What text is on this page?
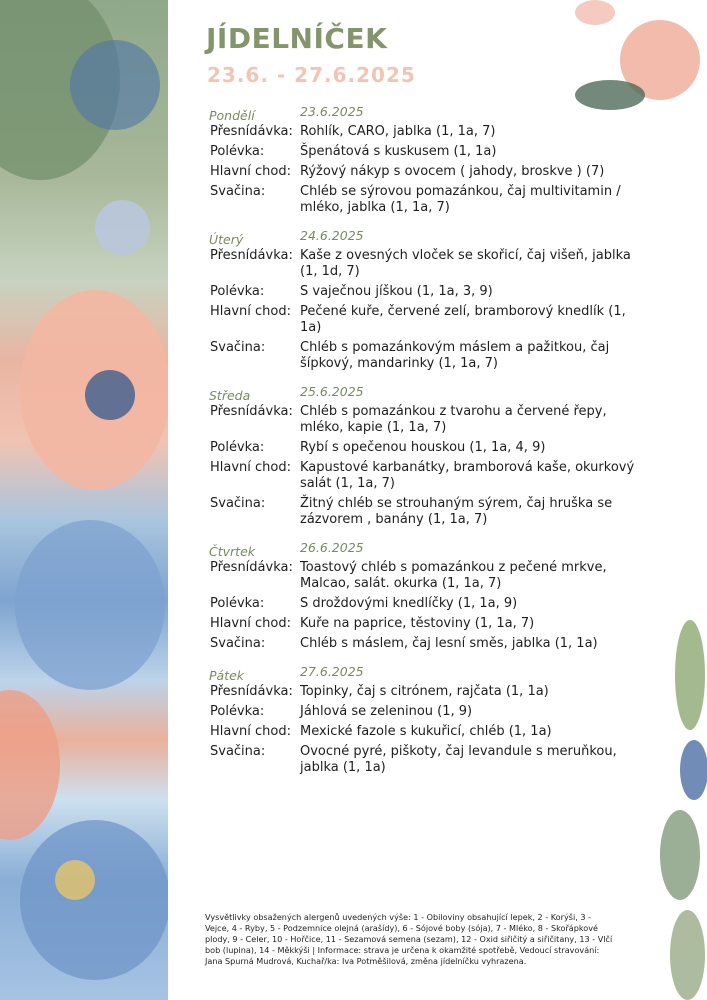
JÍDELNÍČEK
23.6. - 27.6.2025
Pondělí	23.6.2025
Přesnídávka: Rohlík, CARO, jablka (1, 1a, 7)
Polévka:	Špenátová s kuskusem (1, 1a)
Hlavní chod: Rýžový nákyp s ovocem ( jahody, broskve ) (7)
Svačina:	Chléb se sýrovou pomazánkou, čaj multivitamin / mléko, jablka (1, 1a, 7)
Úterý	24.6.2025
Přesnídávka: Kaše z ovesných vloček se skořicí, čaj višeň, jablka (1, 1d, 7)
Polévka:	S vaječnou jíškou (1, 1a, 3, 9)
Hlavní chod: Pečené kuře, červené zelí, bramborový knedlík (1, 1a)
Svačina:	Chléb s pomazánkovým máslem a pažitkou, čaj šípkový, mandarinky (1, 1a, 7)
Středa	25.6.2025
Přesnídávka: Chléb s pomazánkou z tvarohu a červené řepy, mléko, kapie (1, 1a, 7)
Polévka:	Rybí s opečenou houskou (1, 1a, 4, 9)
Hlavní chod: Kapustové karbanátky, bramborová kaše, okurkový salát (1, 1a, 7)
Svačina:	Žitný chléb se strouhaným sýrem, čaj hruška se zázvorem , banány (1, 1a, 7)
Čtvrtek	26.6.2025
Přesnídávka: Toastový chléb s pomazánkou z pečené mrkve, Malcao, salát. okurka (1, 1a, 7)
Polévka:	S droždovými knedlíčky (1, 1a, 9)
Hlavní chod: Kuře na paprice, těstoviny (1, 1a, 7)
Svačina:	Chléb s máslem, čaj lesní směs, jablka (1, 1a)
Pátek	27.6.2025
Přesnídávka: Topinky, čaj s citrónem, rajčata (1, 1a)
Polévka:	Jáhlová se zeleninou (1, 9)
Hlavní chod: Mexické fazole s kukuřicí, chléb (1, 1a)
Svačina:	Ovocné pyré, piškoty, čaj levandule s meruňkou, jablka (1, 1a)
Vysvětlivky obsažených alergenů uvedených výše: 1 - Obiloviny obsahující lepek, 2 - Korýši, 3 - Vejce, 4 - Ryby, 5 - Podzemnice olejná (arašídy), 6 - Sójové boby (sója), 7 - Mléko, 8 - Skořápkové plody, 9 - Celer, 10 - Hořčice, 11 - Sezamová semena (sezam), 12 - Oxid siřičitý a siřičitany, 13 - Vlčí bob (lupina), 14 - Měkkýši | Informace: strava je určena k okamžité spotřebě, Vedoucí stravování: Jana Spurná Mudrová, Kuchař/ka: Iva Potměšilová, změna jídelníčku vyhrazena.
